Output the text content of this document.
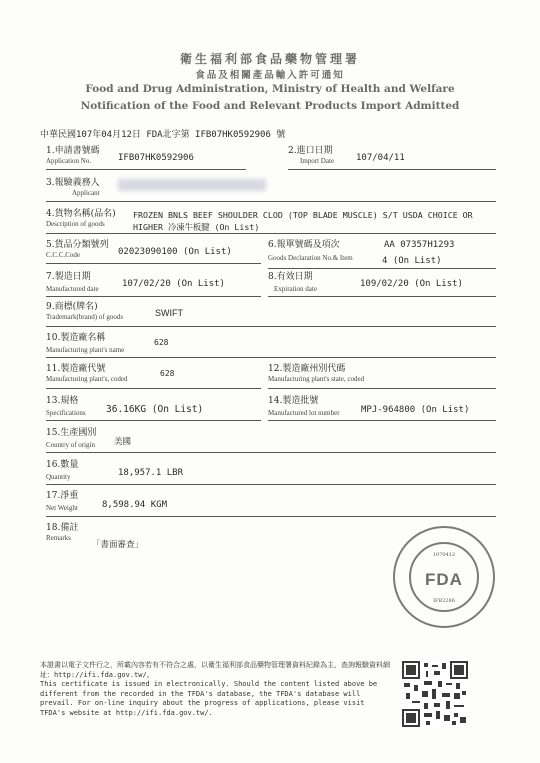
衛生福利部食品藥物管理署
食品及相關產品輸入許可通知
Food and Drug Administration, Ministry of Health and Welfare
Notification of the Food and Relevant Products Import Admitted
中華民國107年04月12日 FDA北字第 IFB07HK0592906 號
1.申請書號碼
Application No.	IFB07HK0592906
2.進口日期
Import Date 107/04/11
3.報驗義務人
Applicant
4.貨物名稱(品名)
Description of goods
FROZEN BNLS BEEF SHOULDER CLOD (TOP BLADE MUSCLE) S/T USDA CHOICE OR
HIGHER 冷凍牛板腱 (On List)
5.貨品分類號列
C.C.C.Code	02023090100 (On List)
6.報單號碼及項次
Goods Declaration No.& Item
AA 07357H1293
4 (On List)
7.製造日期
Manufactured date	107/02/20 (On List)
8.有效日期
Expiration date	109/02/20 (On List)
9.商標(牌名)
Trademark(brand) of goods	SWIFT
10.製造廠名稱
Manufacturing plant's name
628
11.製造廠代號
Manufacturing plant's, coded
628	12.製造廠州別代碼
Manufacturing plant's state, coded
13.規格
Specifications 36.16KG (On List)
14.製造批號
Manufactured lot number MPJ-964800 (On List)
15.生產國別
Country of origin 美國
16.數量
Quantity	18,957.1 LBR
17.淨重
Net Weight	8,598.94 KGM
18.備註
Remarks
「書面審查」
1070412
FDA
IFB2286
本證書以電子文件行之，所載內容若有不符合之處，以衛生福利部食品藥物管理署資料紀錄為主，查詢報驗資料網址：http://ifi.fda.gov.tw/。
This certificate is issued in electronically. Should the content listed above be different from the recorded in the TFDA's database, the TFDA's database will prevail. For on-line inquiry about the progress of applications, please visit TFDA's website at http://ifi.fda.gov.tw/.
